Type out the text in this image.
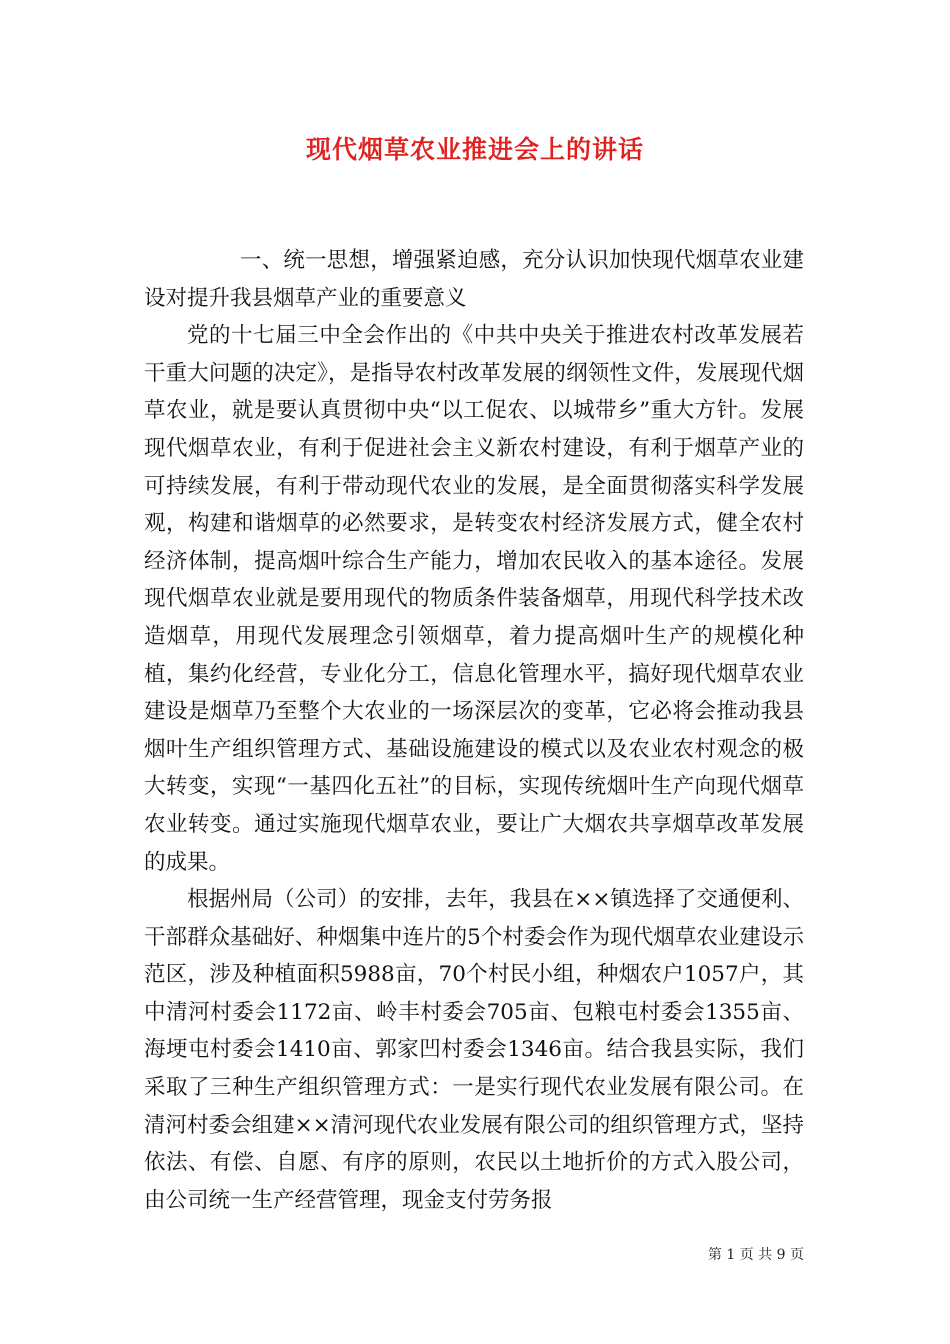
现代烟草农业推进会上的讲话

一、统一思想，增强紧迫感，充分认识加快现代烟草农业建设对提升我县烟草产业的重要意义

党的十七届三中全会作出的《中共中央关于推进农村改革发展若干重大问题的决定》，是指导农村改革发展的纲领性文件，发展现代烟草农业，就是要认真贯彻中央“以工促农、以城带乡”重大方针。发展现代烟草农业，有利于促进社会主义新农村建设，有利于烟草产业的可持续发展，有利于带动现代农业的发展，是全面贯彻落实科学发展观，构建和谐烟草的必然要求，是转变农村经济发展方式，健全农村经济体制，提高烟叶综合生产能力，增加农民收入的基本途径。发展现代烟草农业就是要用现代的物质条件装备烟草，用现代科学技术改造烟草，用现代发展理念引领烟草，着力提高烟叶生产的规模化种植，集约化经营，专业化分工，信息化管理水平，搞好现代烟草农业建设是烟草乃至整个大农业的一场深层次的变革，它必将会推动我县烟叶生产组织管理方式、基础设施建设的模式以及农业农村观念的极大转变，实现“一基四化五社”的目标，实现传统烟叶生产向现代烟草农业转变。通过实施现代烟草农业，要让广大烟农共享烟草改革发展的成果。

根据州局（公司）的安排，去年，我县在××镇选择了交通便利、干部群众基础好、种烟集中连片的5个村委会作为现代烟草农业建设示范区，涉及种植面积5988亩，70个村民小组，种烟农户1057户，其中清河村委会1172亩、岭丰村委会705亩、包粮屯村委会1355亩、海埂屯村委会1410亩、郭家凹村委会1346亩。结合我县实际，我们采取了三种生产组织管理方式：一是实行现代农业发展有限公司。在清河村委会组建××清河现代农业发展有限公司的组织管理方式，坚持依法、有偿、自愿、有序的原则，农民以土地折价的方式入股公司，由公司统一生产经营管理，现金支付劳务报

第 1 页 共 9 页
